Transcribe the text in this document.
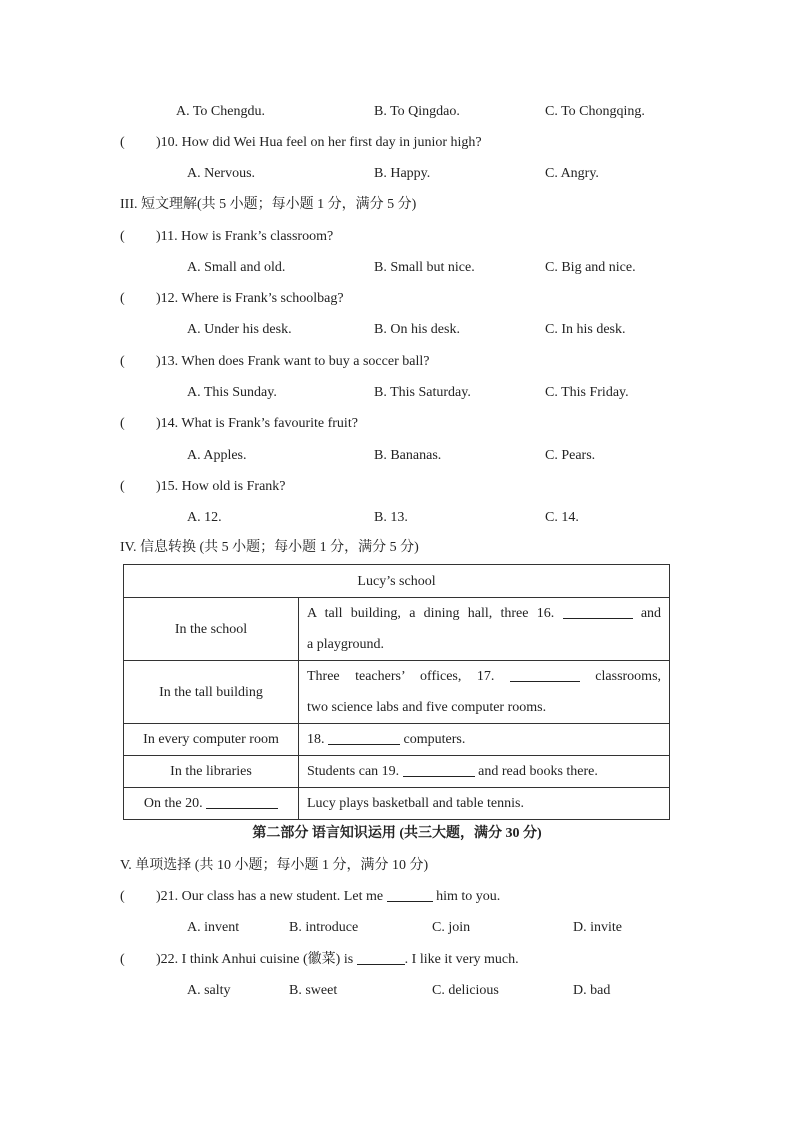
A. To Chengdu.	B. To Qingdao.	C. To Chongqing.
( )10. How did Wei Hua feel on her first day in junior high?
A. Nervous.	B. Happy.	C. Angry.
III. 短文理解(共 5 小题；每小题 1 分，满分 5 分)
( )11. How is Frank’s classroom?
A. Small and old.	B. Small but nice.	C. Big and nice.
( )12. Where is Frank’s schoolbag?
A. Under his desk.	B. On his desk.	C. In his desk.
( )13. When does Frank want to buy a soccer ball?
A. This Sunday.	B. This Saturday.	C. This Friday.
( )14. What is Frank’s favourite fruit?
A. Apples.	B. Bananas.	C. Pears.
( )15. How old is Frank?
A. 12.	B. 13.	C. 14.
IV. 信息转换 (共 5 小题；每小题 1 分，满分 5 分)
Lucy’s school	
In the school	A tall building, a dining hall, three 16. and
a playground.

In the tall building	Three teachers’ offices, 17. classrooms,
two science labs and five computer rooms.

In every computer room	18. computers.
In the libraries	Students can 19. and read books there.
On the 20.	Lucy plays basketball and table tennis.
第二部分 语言知识运用 (共三大题，满分 30 分)
V. 单项选择 (共 10 小题；每小题 1 分，满分 10 分)
( )21. Our class has a new student. Let me	him to you.
A. invent	B. introduce	C. join	D. invite
( )22. I think Anhui cuisine (徽菜) is	. I like it very much.
A. salty	B. sweet	C. delicious	D. bad
